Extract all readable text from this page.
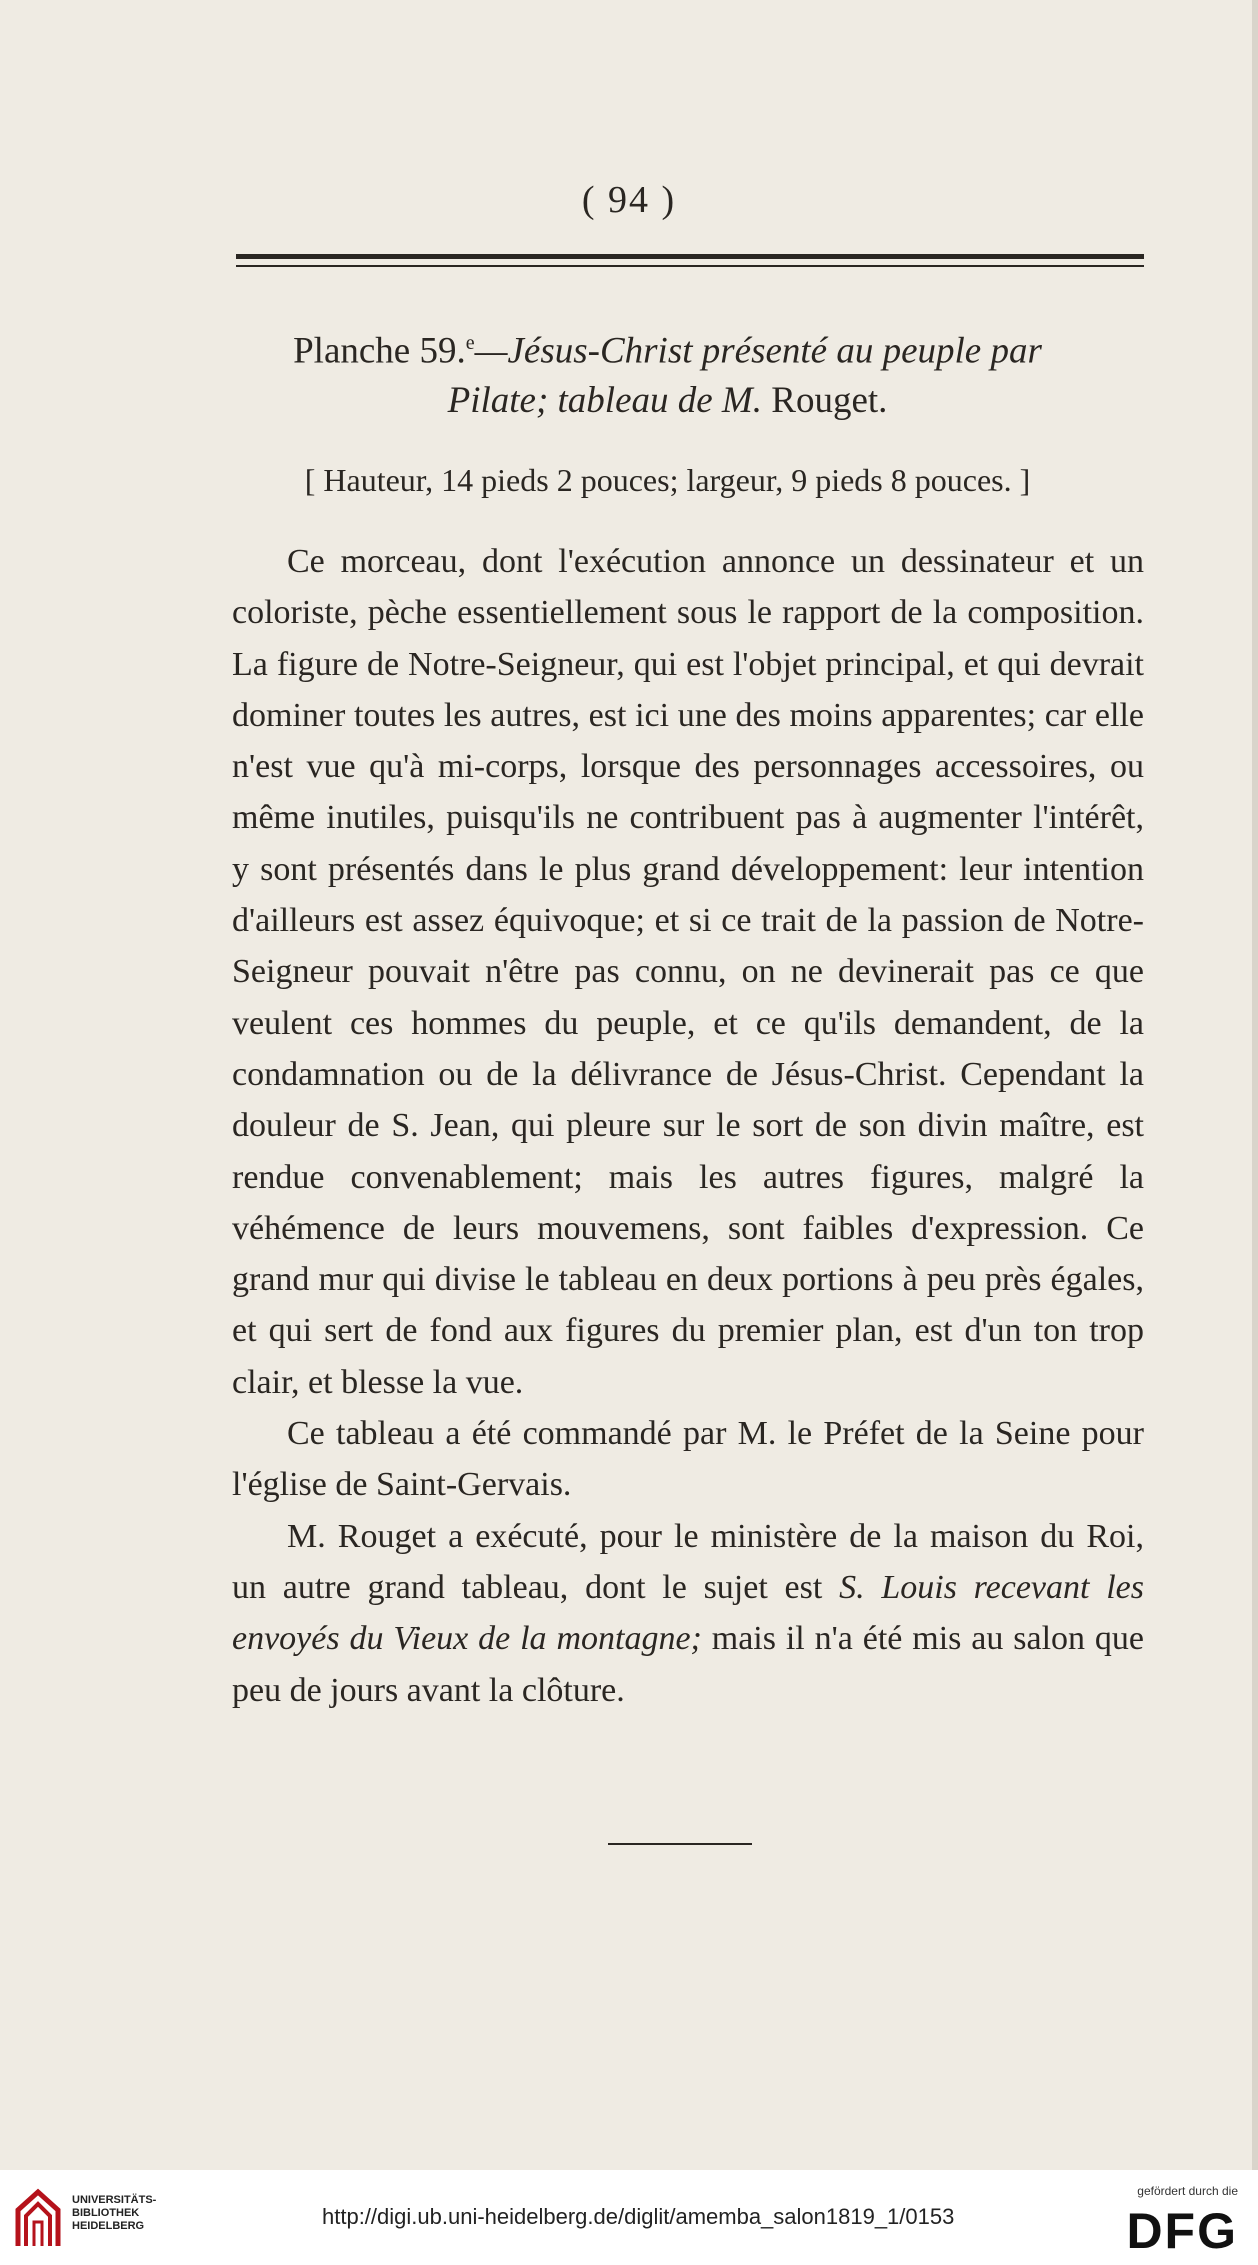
( 94 )
Planche 59.$^e$—Jésus-Christ présenté au peuple par
Pilate; tableau de M. Rouget.
[ Hauteur, 14 pieds 2 pouces; largeur, 9 pieds 8 pouces. ]

Ce morceau, dont l'exécution annonce un dessinateur et un coloriste, pèche essentiellement sous le rapport de la composition. La figure de Notre-Seigneur, qui est l'objet principal, et qui devrait dominer toutes les autres, est ici une des moins apparentes; car elle n'est vue qu'à mi-corps, lorsque des personnages accessoires, ou même inutiles, puisqu'ils ne contribuent pas à augmenter l'intérêt, y sont présentés dans le plus grand développement: leur intention d'ailleurs est assez équivoque; et si ce trait de la passion de Notre-Seigneur pouvait n'être pas connu, on ne devinerait pas ce que veulent ces hommes du peuple, et ce qu'ils demandent, de la condamnation ou de la délivrance de Jésus-Christ. Cependant la douleur de S. Jean, qui pleure sur le sort de son divin maître, est rendue convenablement; mais les autres figures, malgré la véhémence de leurs mouvemens, sont faibles d'expression. Ce grand mur qui divise le tableau en deux portions à peu près égales, et qui sert de fond aux figures du premier plan, est d'un ton trop clair, et blesse la vue.

Ce tableau a été commandé par M. le Préfet de la Seine pour l'église de Saint-Gervais.

M. Rouget a exécuté, pour le ministère de la maison du Roi, un autre grand tableau, dont le sujet est S. Louis recevant les envoyés du Vieux de la montagne; mais il n'a été mis au salon que peu de jours avant la clôture.

UNIVERSITÄTS-
BIBLIOTHEK
HEIDELBERG	http://digi.ub.uni-heidelberg.de/diglit/amemba_salon1819_1/0153
gefördert durch die
DFG
